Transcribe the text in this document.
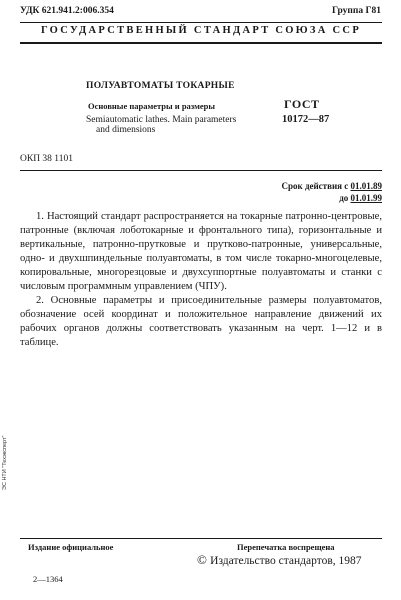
УДК 621.941.2:006.354	Группа Г81
ГОСУДАРСТВЕННЫЙ СТАНДАРТ СОЮЗА ССР
ПОЛУАВТОМАТЫ ТОКАРНЫЕ
Основные параметры и размеры
Semiautomatic lathes. Main parameters
and dimensions
ГОСТ
10172—87
ОКП 38 1101
Срок действия с 01.01.89
до 01.01.99
1. Настоящий стандарт распространяется на токарные патронно-центровые, патронные (включая лоботокарные и фронтального типа), горизонтальные и вертикальные, патронно-прутковые и прутково-патронные, универсальные, одно- и двухшпиндельные полуавтоматы, в том числе токарно-многоцелевые, копировальные, многорезцовые и двухсуппортные полуавтоматы и станки с числовым программным управлением (ЧПУ).
2. Основные параметры и присоединительные размеры полуавтоматов, обозначение осей координат и положительное направление движений их рабочих органов должны соответствовать указанным на черт. 1—12 и в таблице.
ЭС НТИ "Техэксперт"
Издание официальное	Перепечатка воспрещена
© Издательство стандартов, 1987
2—1364
